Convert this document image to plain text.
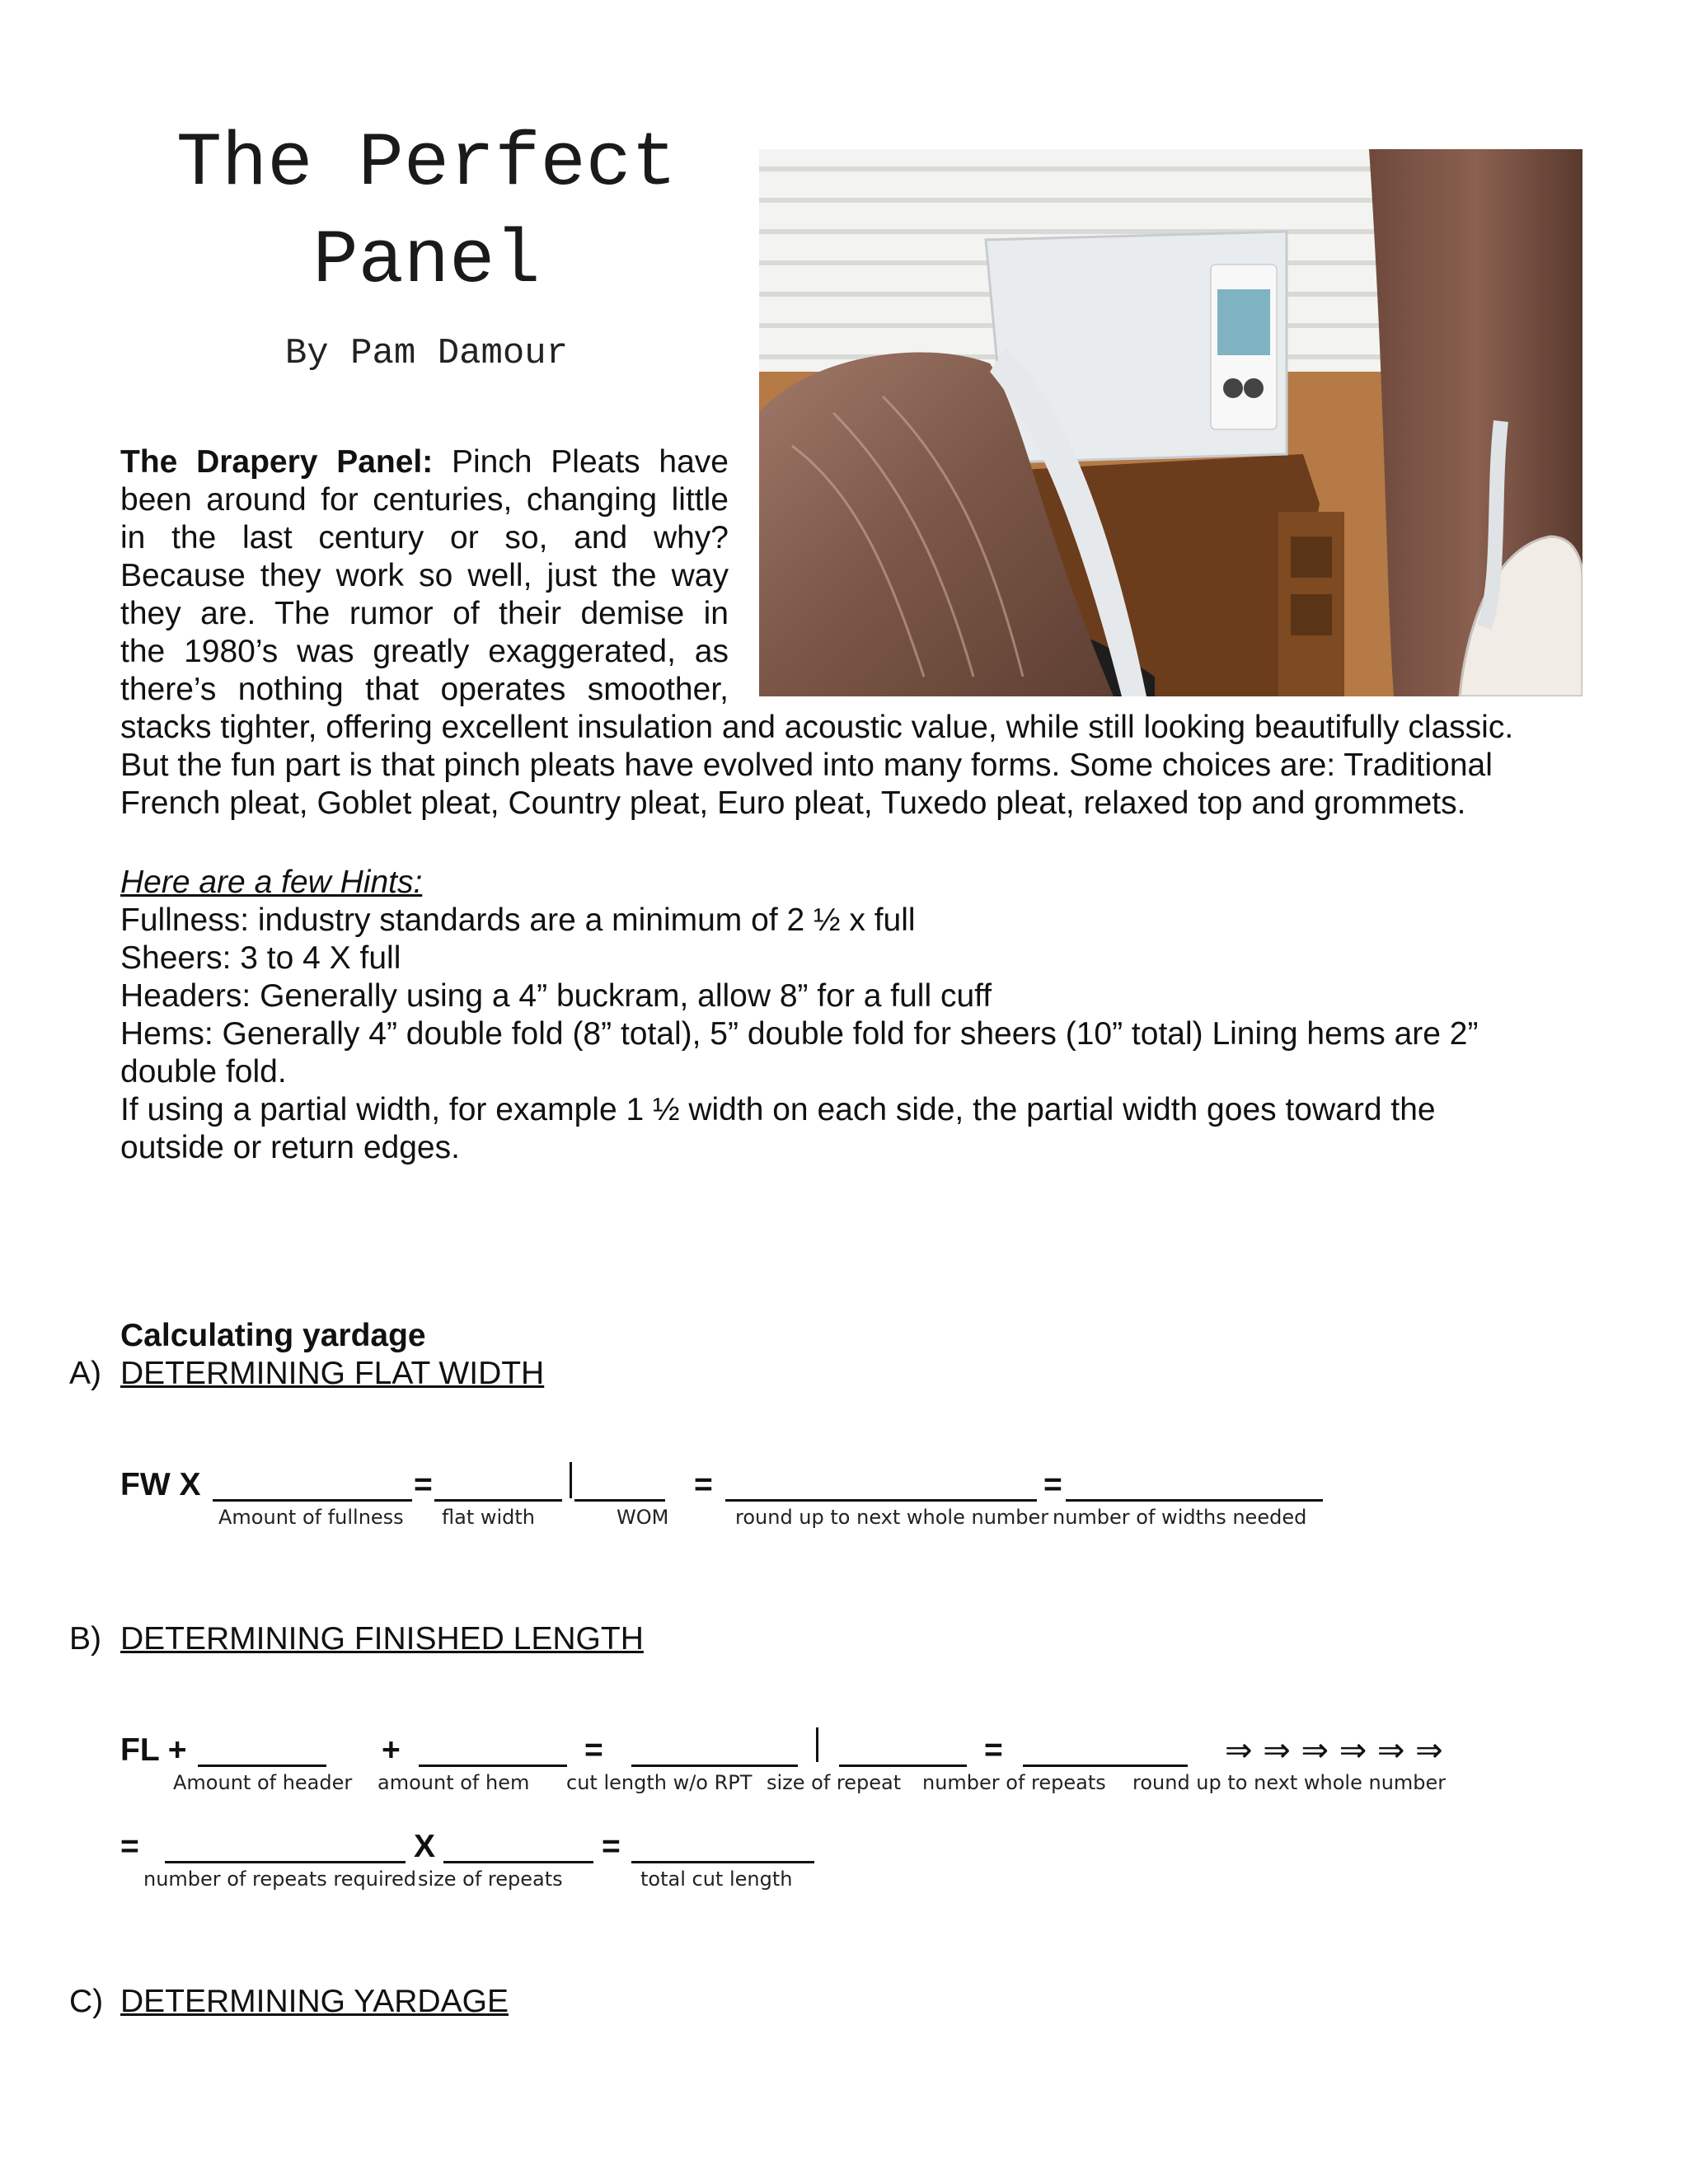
The Perfect
Panel
By Pam Damour
The Drapery Panel: Pinch Pleats have
been around for centuries, changing little
in the last century or so, and why?
Because they work so well, just the way
they are. The rumor of their demise in
the 1980’s was greatly exaggerated, as
there’s nothing that operates smoother,
stacks tighter, offering excellent insulation and acoustic value, while still looking beautifully classic.
But the fun part is that pinch pleats have evolved into many forms. Some choices are: Traditional
French pleat, Goblet pleat, Country pleat, Euro pleat, Tuxedo pleat, relaxed top and grommets.
Here are a few Hints:
Fullness: industry standards are a minimum of 2 ½ x full
Sheers: 3 to 4 X full
Headers: Generally using a 4” buckram, allow 8” for a full cuff
Hems: Generally 4” double fold (8” total), 5” double fold for sheers (10” total) Lining hems are 2”
double fold.
If using a partial width, for example 1 ½ width on each side, the partial width goes toward the
outside or return edges.
Calculating yardage
A) DETERMINING FLAT WIDTH
FW X	=	=	=
Amount of fullness flat width	WOM	round up to next whole number number of widths needed
B) DETERMINING FINISHED LENGTH
FL +	+	=	=	⇒ ⇒ ⇒ ⇒ ⇒ ⇒
Amount of header amount of hem cut length w/o RPT size of repeat number of repeats round up to next whole number
=	X	=
number of repeats required size of repeats	total cut length
C) DETERMINING YARDAGE
